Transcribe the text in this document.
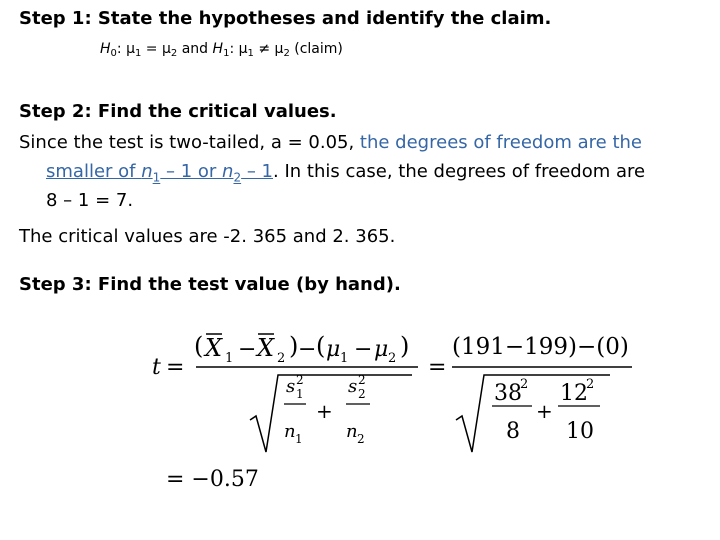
Step 1: State the hypotheses and identify the claim.

$H_0$: $\mu_1 = \mu_2$ and $H_1$: $\mu_1 \ne \mu_2$ (claim)

Step 2: Find the critical values.

Since the test is two-tailed, a = 0.05, the degrees of freedom are the

smaller of $n_1 - 1$ or $n_2 - 1$. In this case, the degrees of freedom are

8 – 1 = 7.

The critical values are -2. 365 and 2. 365.

Step 3: Find the test value (by hand).

t =
( X 1 − X 2 ) − ( μ 1 − μ 2 )
s 2
1
n 1
+
s 2
2
n 2
=
(191−199)−(0)
38
2
8
+
12
2
10
= −0.57
